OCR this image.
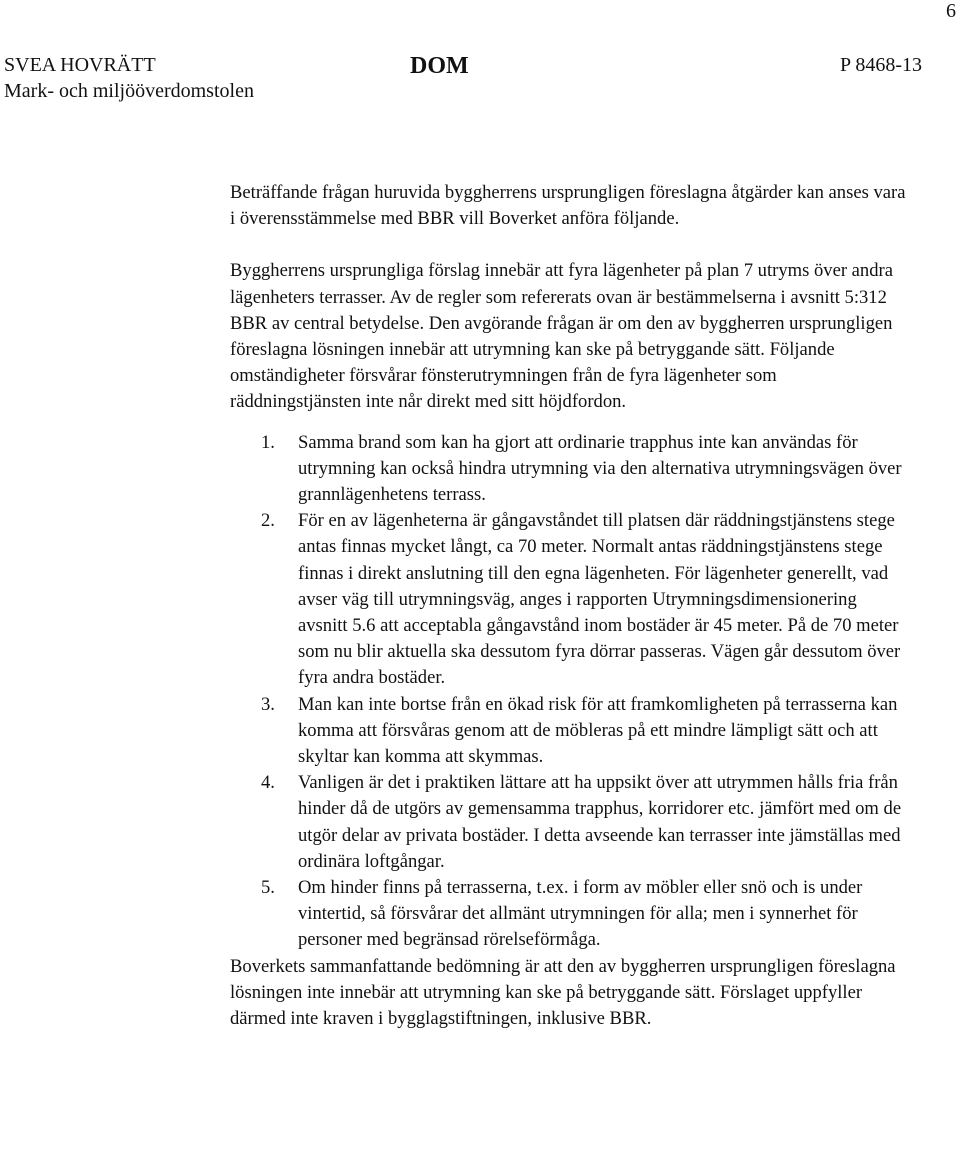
6
SVEA HOVRÄTT
Mark- och miljööverdomstolen
DOM	P 8468-13

Beträffande frågan huruvida byggherrens ursprungligen föreslagna åtgärder kan anses vara i överensstämmelse med BBR vill Boverket anföra följande.

Byggherrens ursprungliga förslag innebär att fyra lägenheter på plan 7 utryms över andra lägenheters terrasser. Av de regler som refererats ovan är bestämmelserna i avsnitt 5:312 BBR av central betydelse. Den avgörande frågan är om den av byggherren ursprungligen föreslagna lösningen innebär att utrymning kan ske på betryggande sätt. Följande omständigheter försvårar fönsterutrymningen från de fyra lägenheter som räddningstjänsten inte når direkt med sitt höjdfordon.

1. Samma brand som kan ha gjort att ordinarie trapphus inte kan användas för utrymning kan också hindra utrymning via den alternativa utrymningsvägen över grannlägenhetens terrass.
2. För en av lägenheterna är gångavståndet till platsen där räddningstjänstens stege antas finnas mycket långt, ca 70 meter. Normalt antas räddningstjänstens stege finnas i direkt anslutning till den egna lägenheten. För lägenheter generellt, vad avser väg till utrymningsväg, anges i rapporten Utrymningsdimensionering avsnitt 5.6 att acceptabla gångavstånd inom bostäder är 45 meter. På de 70 meter som nu blir aktuella ska dessutom fyra dörrar passeras. Vägen går dessutom över fyra andra bostäder.
3. Man kan inte bortse från en ökad risk för att framkomligheten på terrasserna kan komma att försvåras genom att de möbleras på ett mindre lämpligt sätt och att skyltar kan komma att skymmas.
4. Vanligen är det i praktiken lättare att ha uppsikt över att utrymmen hålls fria från hinder då de utgörs av gemensamma trapphus, korridorer etc. jämfört med om de utgör delar av privata bostäder. I detta avseende kan terrasser inte jämställas med ordinära loftgångar.
5. Om hinder finns på terrasserna, t.ex. i form av möbler eller snö och is under vintertid, så försvårar det allmänt utrymningen för alla; men i synnerhet för personer med begränsad rörelseförmåga.

Boverkets sammanfattande bedömning är att den av byggherren ursprungligen föreslagna lösningen inte innebär att utrymning kan ske på betryggande sätt. Förslaget uppfyller därmed inte kraven i bygglagstiftningen, inklusive BBR.
